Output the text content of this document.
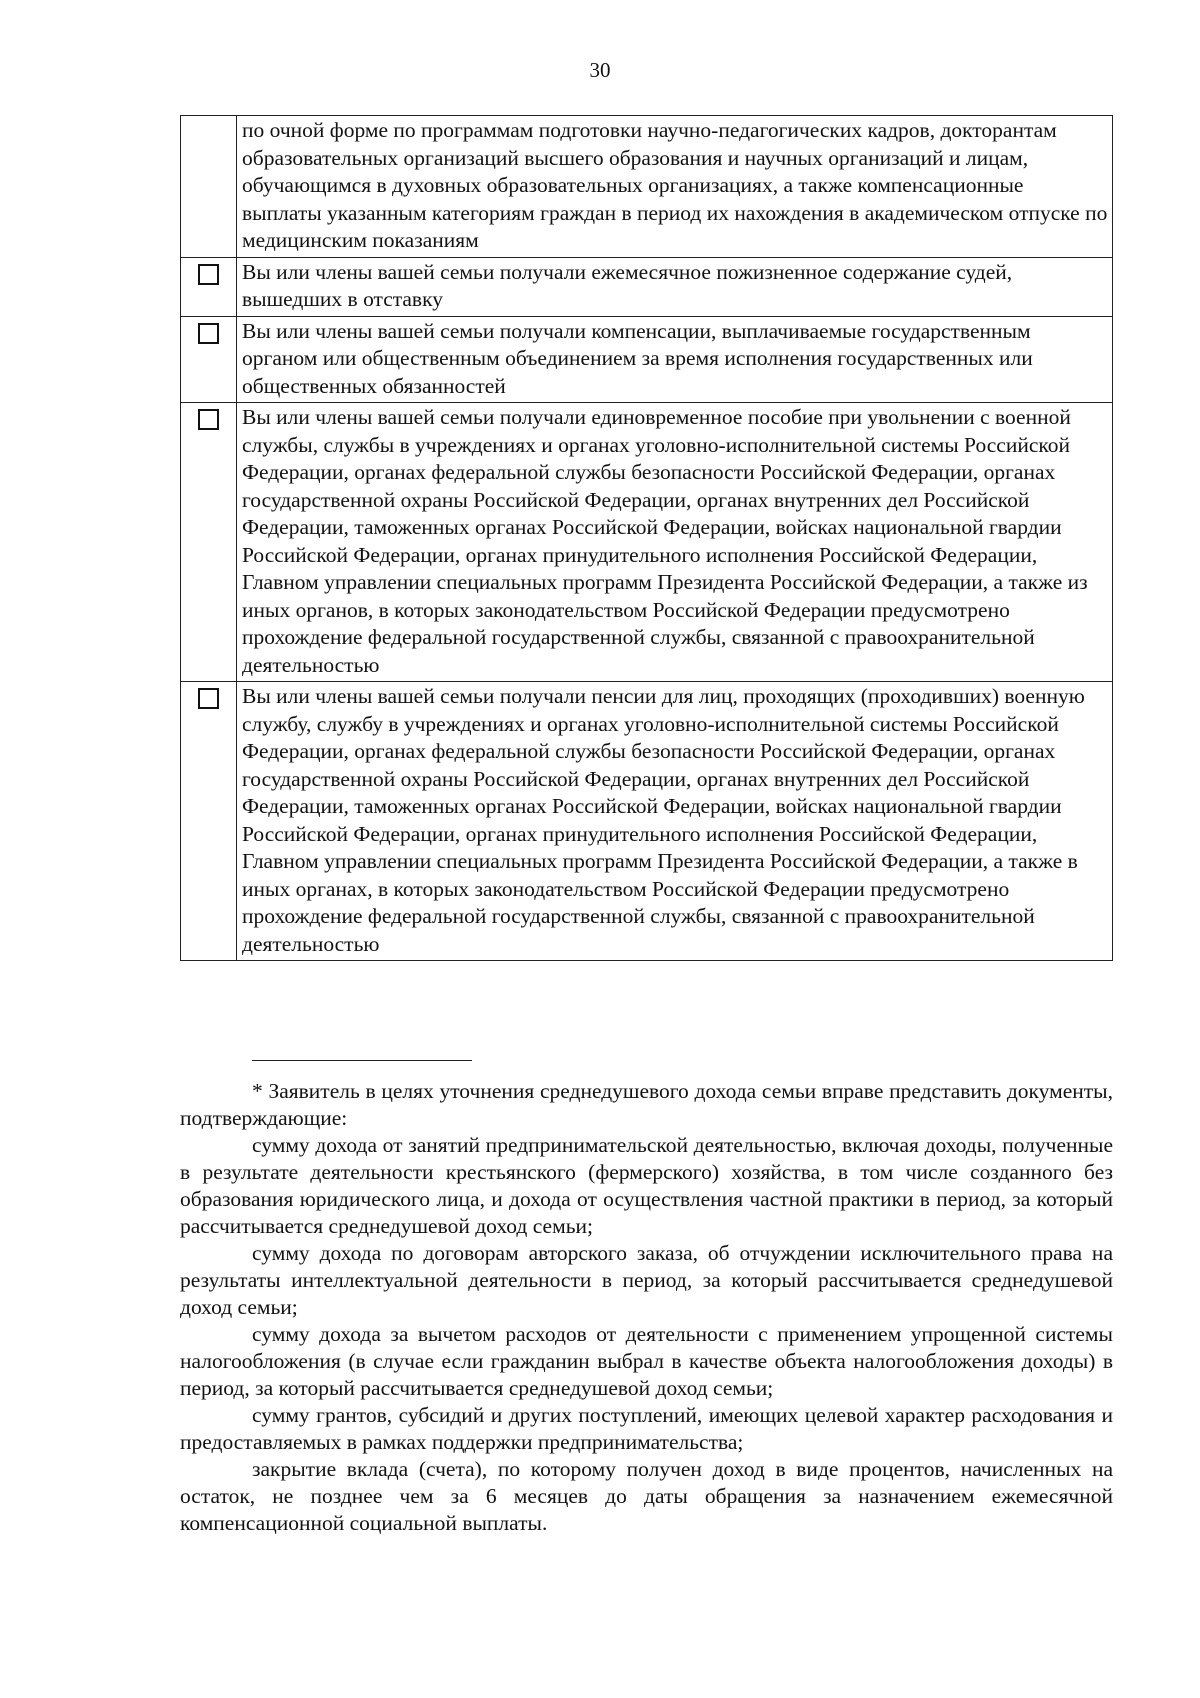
30
	по очной форме по программам подготовки научно-педагогических кадров, докторантам образовательных организаций высшего образования и научных организаций и лицам, обучающимся в духовных образовательных организациях, а также компенсационные выплаты указанным категориям граждан в период их нахождения в академическом отпуске по медицинским показаниям
	Вы или члены вашей семьи получали ежемесячное пожизненное содержание судей, вышедших в отставку
	Вы или члены вашей семьи получали компенсации, выплачиваемые государственным органом или общественным объединением за время исполнения государственных или общественных обязанностей
	Вы или члены вашей семьи получали единовременное пособие при увольнении с военной службы, службы в учреждениях и органах уголовно-исполнительной системы Российской Федерации, органах федеральной службы безопасности Российской Федерации, органах государственной охраны Российской Федерации, органах внутренних дел Российской Федерации, таможенных органах Российской Федерации, войсках национальной гвардии Российской Федерации, органах принудительного исполнения Российской Федерации, Главном управлении специальных программ Президента Российской Федерации, а также из иных органов, в которых законодательством Российской Федерации предусмотрено прохождение федеральной государственной службы, связанной с правоохранительной деятельностью
	Вы или члены вашей семьи получали пенсии для лиц, проходящих (проходивших) военную службу, службу в учреждениях и органах уголовно-исполнительной системы Российской Федерации, органах федеральной службы безопасности Российской Федерации, органах государственной охраны Российской Федерации, органах внутренних дел Российской Федерации, таможенных органах Российской Федерации, войсках национальной гвардии Российской Федерации, органах принудительного исполнения Российской Федерации, Главном управлении специальных программ Президента Российской Федерации, а также в иных органах, в которых законодательством Российской Федерации предусмотрено прохождение федеральной государственной службы, связанной с правоохранительной деятельностью

* Заявитель в целях уточнения среднедушевого дохода семьи вправе представить документы, подтверждающие:

сумму дохода от занятий предпринимательской деятельностью, включая доходы, полученные в результате деятельности крестьянского (фермерского) хозяйства, в том числе созданного без образования юридического лица, и дохода от осуществления частной практики в период, за который рассчитывается среднедушевой доход семьи;

сумму дохода по договорам авторского заказа, об отчуждении исключительного права на результаты интеллектуальной деятельности в период, за который рассчитывается среднедушевой доход семьи;

сумму дохода за вычетом расходов от деятельности с применением упрощенной системы налогообложения (в случае если гражданин выбрал в качестве объекта налогообложения доходы) в период, за который рассчитывается среднедушевой доход семьи;

сумму грантов, субсидий и других поступлений, имеющих целевой характер расходования и предоставляемых в рамках поддержки предпринимательства;

закрытие вклада (счета), по которому получен доход в виде процентов, начисленных на остаток, не позднее чем за 6 месяцев до даты обращения за назначением ежемесячной компенсационной социальной выплаты.
